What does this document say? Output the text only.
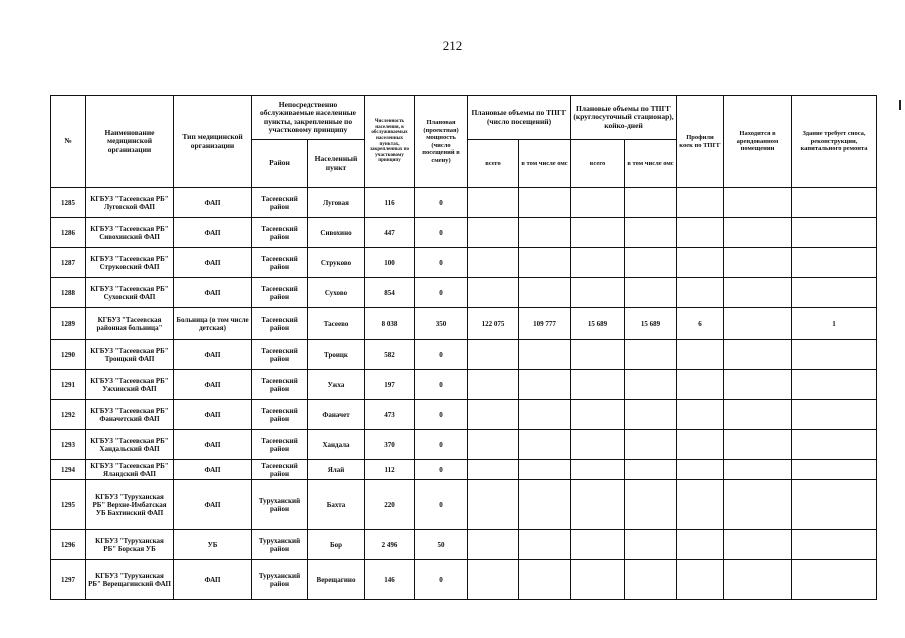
212
№	Наименование медицинской организации	Тип медицинской организации	Непосредственно обслуживаемые населенные пункты, закрепленные по участковому принципу		Численность населения, в обслуживаемых населенных пунктах, закрепленных по участковому принципу	Плановая (проектная) мощность (число посещений в смену)	Плановые объемы по ТПГГ (число посещений)		Плановые объемы по ТПГГ (круглосуточный стационар), койко-дней		Профили коек по ТПГГ	Находится в арендованном помещении	Здание требует сноса, реконструкции, капитального ремонта
			Район	Населенный пункт			всего	в том числе омс	всего	в том числе омс			
1285	КГБУЗ "Тасеевская РБ" Луговской ФАП	ФАП	Тасеевский район	Луговая	116	0							
1286	КГБУЗ "Тасеевская РБ" Сивохинский ФАП	ФАП	Тасеевский район	Сивохино	447	0							
1287	КГБУЗ "Тасеевская РБ" Струковский ФАП	ФАП	Тасеевский район	Струково	100	0							
1288	КГБУЗ "Тасеевская РБ" Суховский ФАП	ФАП	Тасеевский район	Сухово	854	0							
1289	КГБУЗ "Тасеевская районная больница"	Больница (в том числе детская)	Тасеевский район	Тасеево	8 038	350	122 075	109 777	15 689	15 689	6		1
1290	КГБУЗ "Тасеевская РБ" Троицкий ФАП	ФАП	Тасеевский район	Троицк	582	0							
1291	КГБУЗ "Тасеевская РБ" Ужхинский ФАП	ФАП	Тасеевский район	Ужха	197	0							
1292	КГБУЗ "Тасеевская РБ" Фаначетский ФАП	ФАП	Тасеевский район	Фаначет	473	0							
1293	КГБУЗ "Тасеевская РБ" Хандальский ФАП	ФАП	Тасеевский район	Хандала	370	0							
1294	КГБУЗ "Тасеевская РБ" Яландский ФАП	ФАП	Тасеевский район	Ялай	112	0							
1295	КГБУЗ "Туруханская РБ" Верхне-Имбатская УБ Бахтинский ФАП	ФАП	Туруханский район	Бахта	220	0							
1296	КГБУЗ "Туруханская РБ" Борская УБ	УБ	Туруханский район	Бор	2 496	50							
1297	КГБУЗ "Туруханская РБ" Верещагинский ФАП	ФАП	Туруханский район	Верещагино	146	0							
